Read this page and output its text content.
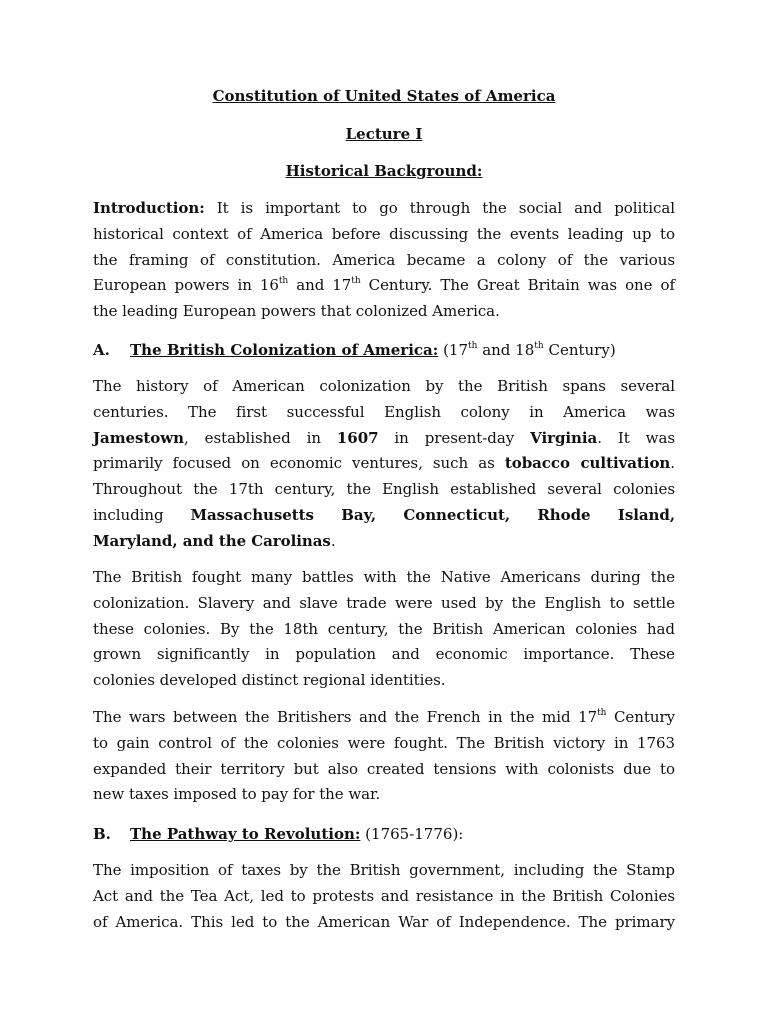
Constitution of United States of America

Lecture I

Historical Background:

Introduction: It is important to go through the social and political
historical context of America before discussing the events leading up to
the framing of constitution. America became a colony of the various
European powers in 16th and 17th Century. The Great Britain was one of
the leading European powers that colonized America.

A. The British Colonization of America: (17th and 18th Century)

The history of American colonization by the British spans several
centuries. The first successful English colony in America was
Jamestown, established in 1607 in present-day Virginia. It was
primarily focused on economic ventures, such as tobacco cultivation.
Throughout the 17th century, the English established several colonies
including Massachusetts Bay, Connecticut, Rhode Island,
Maryland, and the Carolinas.
The British fought many battles with the Native Americans during the
colonization. Slavery and slave trade were used by the English to settle
these colonies. By the 18th century, the British American colonies had
grown significantly in population and economic importance. These
colonies developed distinct regional identities.
The wars between the Britishers and the French in the mid 17th Century
to gain control of the colonies were fought. The British victory in 1763
expanded their territory but also created tensions with colonists due to
new taxes imposed to pay for the war.

B. The Pathway to Revolution: (1765-1776):

The imposition of taxes by the British government, including the Stamp
Act and the Tea Act, led to protests and resistance in the British Colonies
of America. This led to the American War of Independence. The primary
